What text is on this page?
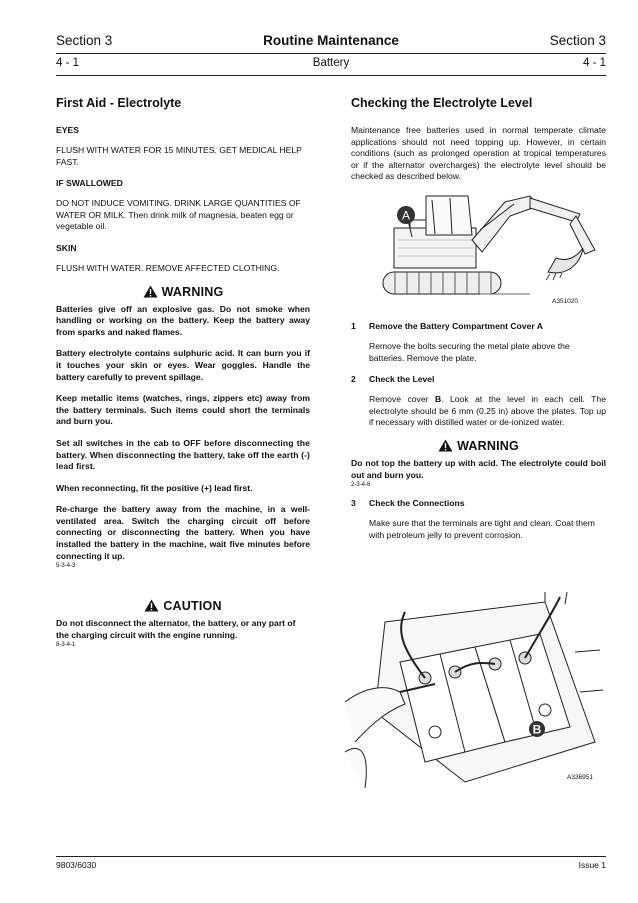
Section 3	Routine Maintenance	Section 3
4 - 1	Battery	4 - 1
First Aid - Electrolyte
EYES
FLUSH WITH WATER FOR 15 MINUTES. GET MEDICAL HELP FAST.
IF SWALLOWED
DO NOT INDUCE VOMITING. DRINK LARGE QUANTITIES OF WATER OR MILK. Then drink milk of magnesia, beaten egg or vegetable oil.
SKIN
FLUSH WITH WATER. REMOVE AFFECTED CLOTHING.
WARNING
Batteries give off an explosive gas. Do not smoke when handling or working on the battery. Keep the battery away from sparks and naked flames.
Battery electrolyte contains sulphuric acid. It can burn you if it touches your skin or eyes. Wear goggles. Handle the battery carefully to prevent spillage.
Keep metallic items (watches, rings, zippers etc) away from the battery terminals. Such items could short the terminals and burn you.
Set all switches in the cab to OFF before disconnecting the battery. When disconnecting the battery, take off the earth (-) lead first.
When reconnecting, fit the positive (+) lead first.
Re-charge the battery away from the machine, in a well-ventilated area. Switch the charging circuit off before connecting or disconnecting the battery. When you have installed the battery in the machine, wait five minutes before connecting it up.
5-3-4-3
CAUTION
Do not disconnect the alternator, the battery, or any part of the charging circuit with the engine running.
8-3-4-1
Checking the Electrolyte Level
Maintenance free batteries used in normal temperate climate applications should not need topping up. However, in certain conditions (such as prolonged operation at tropical temperatures or if the alternator overcharges) the electrolyte level should be checked as described below.
A
A351020
1	Remove the Battery Compartment Cover A
Remove the bolts securing the metal plate above the batteries. Remove the plate.
2	Check the Level
Remove cover B. Look at the level in each cell. The electrolyte should be 6 mm (0.25 in) above the plates. Top up if necessary with distilled water or de-ionized water.
WARNING
Do not top the battery up with acid. The electrolyte could boil out and burn you.
2-3-4-6
3	Check the Connections
Make sure that the terminals are tight and clean. Coat them with petroleum jelly to prevent corrosion.
B
A336951
9803/6030	Issue 1
